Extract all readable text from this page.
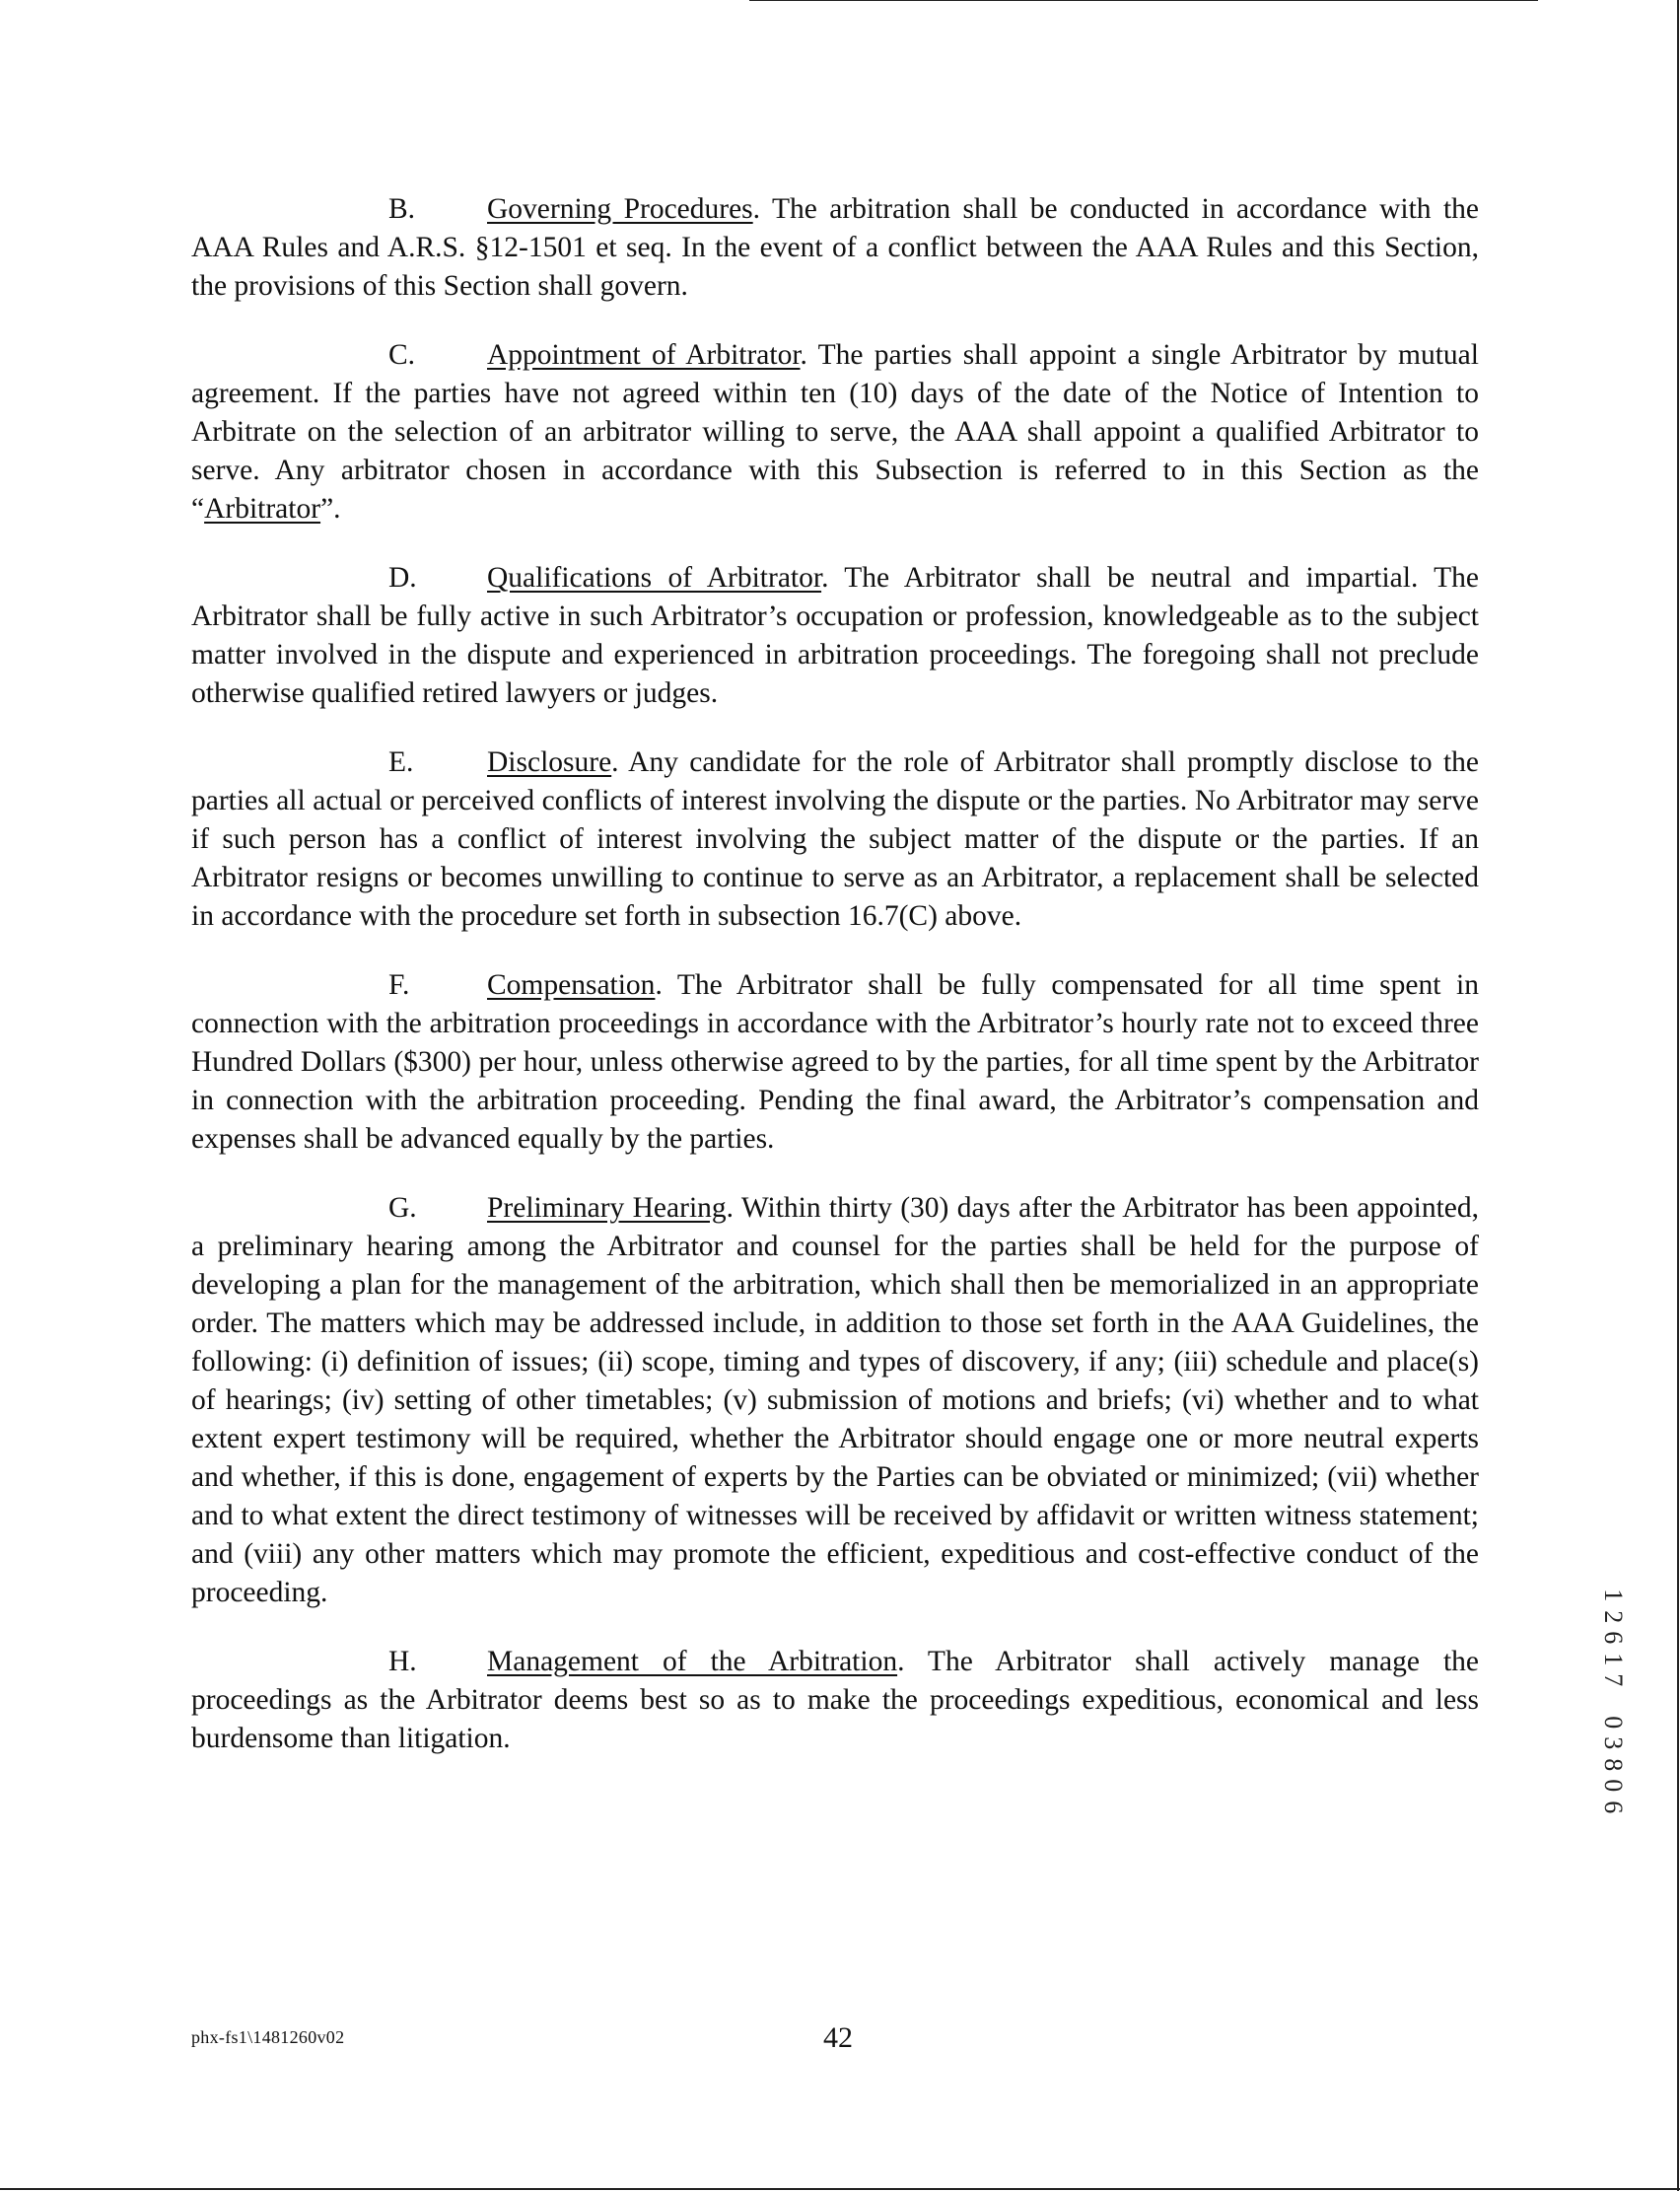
B. Governing Procedures. The arbitration shall be conducted in accordance with the AAA Rules and A.R.S. §12-1501 et seq. In the event of a conflict between the AAA Rules and this Section, the provisions of this Section shall govern.

C. Appointment of Arbitrator. The parties shall appoint a single Arbitrator by mutual agreement. If the parties have not agreed within ten (10) days of the date of the Notice of Intention to Arbitrate on the selection of an arbitrator willing to serve, the AAA shall appoint a qualified Arbitrator to serve. Any arbitrator chosen in accordance with this Subsection is referred to in this Section as the “Arbitrator”.

D. Qualifications of Arbitrator. The Arbitrator shall be neutral and impartial. The Arbitrator shall be fully active in such Arbitrator’s occupation or profession, knowledgeable as to the subject matter involved in the dispute and experienced in arbitration proceedings. The foregoing shall not preclude otherwise qualified retired lawyers or judges.

E.	Disclosure. Any candidate for the role of Arbitrator shall promptly disclose to the parties all actual or perceived conflicts of interest involving the dispute or the parties. No Arbitrator may serve if such person has a conflict of interest involving the subject matter of the dispute or the parties. If an Arbitrator resigns or becomes unwilling to continue to serve as an Arbitrator, a replacement shall be selected in accordance with the procedure set forth in subsection 16.7(C) above.

F.	Compensation. The Arbitrator shall be fully compensated for all time spent in connection with the arbitration proceedings in accordance with the Arbitrator’s hourly rate not to exceed three Hundred Dollars ($300) per hour, unless otherwise agreed to by the parties, for all time spent by the Arbitrator in connection with the arbitration proceeding. Pending the final award, the Arbitrator’s compensation and expenses shall be advanced equally by the parties.

G. Preliminary Hearing. Within thirty (30) days after the Arbitrator has been appointed, a preliminary hearing among the Arbitrator and counsel for the parties shall be held for the purpose of developing a plan for the management of the arbitration, which shall then be memorialized in an appropriate order. The matters which may be addressed include, in addition to those set forth in the AAA Guidelines, the following: (i) definition of issues; (ii) scope, timing and types of discovery, if any; (iii) schedule and place(s) of hearings; (iv) setting of other timetables; (v) submission of motions and briefs; (vi) whether and to what extent expert testimony will be required, whether the Arbitrator should engage one or more neutral experts and whether, if this is done, engagement of experts by the Parties can be obviated or minimized; (vii) whether and to what extent the direct testimony of witnesses will be received by affidavit or written witness statement; and (viii) any other matters which may promote the efficient, expeditious and cost-effective conduct of the proceeding.

H. Management of the Arbitration. The Arbitrator shall actively manage the proceedings as the Arbitrator deems best so as to make the proceedings expeditious, economical and less burdensome than litigation.

1
2
6
1
7
0
3
8
0
6
phx-fs1\1481260v02	42
